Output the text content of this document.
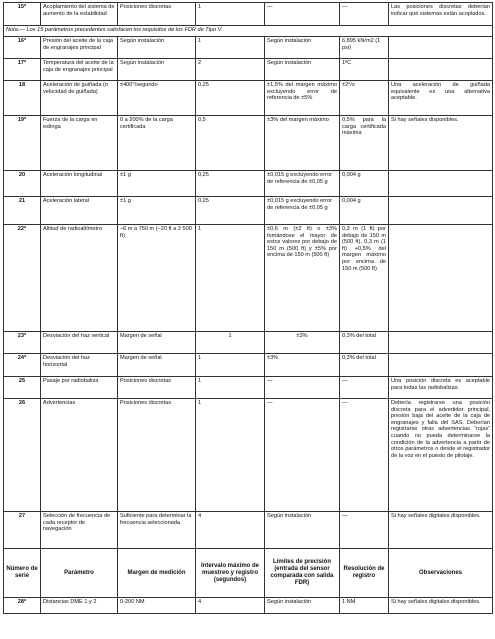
15*	Acoplamiento del sistema de aumento de la estabilidad	Posiciones discretas	1	—	—	Las posiciones discretas deberían indicar qué sistemas están acoplados.
Nota.— Los 15 parámetros precedentes satisfacen los requisitos de los FDR de Tipo V.						
16*	Presión del aceite de la caja de engranajes principal	Según instalación	1	Según instalación	6,895 kN/m2 (1 psi)	
17*	Temperatura del aceite de la caja de engranajes principal	Según instalación	2	Según instalación	1ºC	
18	Aceleración de guiñada (o velocidad de guiñada)	±400°/segundo	0,25	±1,5% del margen máximo excluyendo error de referencia de ±5%	±2°/s	Una aceleración de guiñada equivalente es una alternativa aceptable.
19*	Fuerza de la carga en eslinga	0 a 200% de la carga certificada	0,5	±3% del margen máximo	0,5% para la carga certificada máxima	Si hay señales disponibles.
20	Aceleración longitudinal	±1 g	0,25	±0,015 g excluyendo error de referencia de ±0,05 g	0,004 g	
21	Aceleración lateral	±1 g	0,25	±0,015 g excluyendo error de referencia de ±0,05 g	0,004 g	
22*	Altitud de radioaltímetro	–6 m a 750 m (–20 ft a 2 500 ft)	1	±0,6 m (±2 ft) o ±3% tomándose el mayor de estos valores por debajo de 150 m (500 ft) y ±5% por encima de 150 m (500 ft)	0,3 m (1 ft) por debajo de 150 m (500 ft), 0,3 m (1 ft) +0,5% del margen máximo por encima de 150 m (500 ft)	
23*	Desviación del haz vertical	Margen de señal	1	±3%	0,3% del total	
24*	Desviación del haz horizontal	Margen de señal	1	±3%	0,3% del total	
25	Pasaje por radiobaliza	Posiciones discretas	1	—	—	Una posición discreta es aceptable para todas las radiobalizas.
26	Advertencias	Posiciones discretas	1	—	—	Debería registrarse una posición discreta para el advertidor principal, presión baja del aceite de la caja de engranajes y falla del SAS. Deberían registrarse otras advertencias “rojas” cuando no pueda determinarse la condición de la advertencia a partir de otros parámetros o desde el registrador de la voz en el puesto de pilotaje.
27	Selección de frecuencia de cada receptor de navegación	Suficiente para determinar la frecuencia seleccionada	4	Según instalación	—	Si hay señales digitales disponibles.
Número de serie	Parámetro	Margen de medición	Intervalo máximo de muestreo y registro (segundos)	Límites de precisión (entrada del sensor comparada con salida FDR)	Resolución de registro	Observaciones
28*	Distancias DME 1 y 2	0-200 NM	4	Según instalación	1 NM	Si hay señales digitales disponibles.
